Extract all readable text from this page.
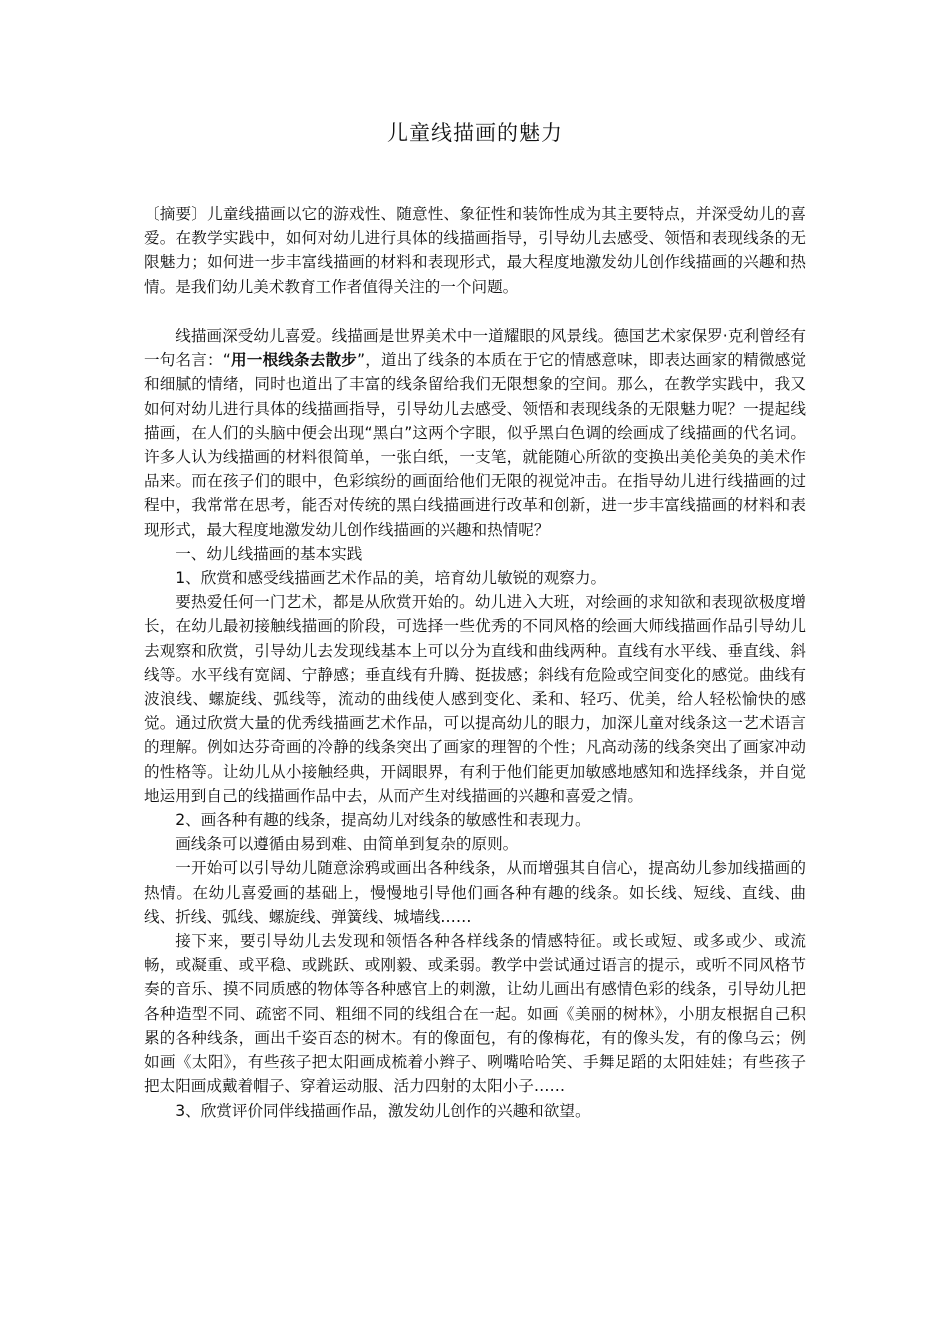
儿童线描画的魅力

〔摘要〕儿童线描画以它的游戏性、随意性、象征性和装饰性成为其主要特点，并深受幼儿的喜爱。在教学实践中，如何对幼儿进行具体的线描画指导，引导幼儿去感受、领悟和表现线条的无限魅力；如何进一步丰富线描画的材料和表现形式，最大程度地激发幼儿创作线描画的兴趣和热情。是我们幼儿美术教育工作者值得关注的一个问题。

线描画深受幼儿喜爱。线描画是世界美术中一道耀眼的风景线。德国艺术家保罗·克利曾经有一句名言：“用一根线条去散步”，道出了线条的本质在于它的情感意味，即表达画家的精微感觉和细腻的情绪，同时也道出了丰富的线条留给我们无限想象的空间。那么，在教学实践中，我又如何对幼儿进行具体的线描画指导，引导幼儿去感受、领悟和表现线条的无限魅力呢？一提起线描画，在人们的头脑中便会出现“黑白”这两个字眼，似乎黑白色调的绘画成了线描画的代名词。许多人认为线描画的材料很简单，一张白纸，一支笔，就能随心所欲的变换出美伦美奂的美术作品来。而在孩子们的眼中，色彩缤纷的画面给他们无限的视觉冲击。在指导幼儿进行线描画的过程中，我常常在思考，能否对传统的黑白线描画进行改革和创新，进一步丰富线描画的材料和表现形式，最大程度地激发幼儿创作线描画的兴趣和热情呢？

一、幼儿线描画的基本实践

1、欣赏和感受线描画艺术作品的美，培育幼儿敏锐的观察力。

要热爱任何一门艺术，都是从欣赏开始的。幼儿进入大班，对绘画的求知欲和表现欲极度增长，在幼儿最初接触线描画的阶段，可选择一些优秀的不同风格的绘画大师线描画作品引导幼儿去观察和欣赏，引导幼儿去发现线基本上可以分为直线和曲线两种。直线有水平线、垂直线、斜线等。水平线有宽阔、宁静感；垂直线有升腾、挺拔感；斜线有危险或空间变化的感觉。曲线有波浪线、螺旋线、弧线等，流动的曲线使人感到变化、柔和、轻巧、优美，给人轻松愉快的感觉。通过欣赏大量的优秀线描画艺术作品，可以提高幼儿的眼力，加深儿童对线条这一艺术语言的理解。例如达芬奇画的冷静的线条突出了画家的理智的个性；凡高动荡的线条突出了画家冲动的性格等。让幼儿从小接触经典，开阔眼界，有利于他们能更加敏感地感知和选择线条，并自觉地运用到自己的线描画作品中去，从而产生对线描画的兴趣和喜爱之情。

2、画各种有趣的线条，提高幼儿对线条的敏感性和表现力。

画线条可以遵循由易到难、由简单到复杂的原则。

一开始可以引导幼儿随意涂鸦或画出各种线条，从而增强其自信心，提高幼儿参加线描画的热情。在幼儿喜爱画的基础上，慢慢地引导他们画各种有趣的线条。如长线、短线、直线、曲线、折线、弧线、螺旋线、弹簧线、城墙线……

接下来，要引导幼儿去发现和领悟各种各样线条的情感特征。或长或短、或多或少、或流畅，或凝重、或平稳、或跳跃、或刚毅、或柔弱。教学中尝试通过语言的提示，或听不同风格节奏的音乐、摸不同质感的物体等各种感官上的刺激，让幼儿画出有感情色彩的线条，引导幼儿把各种造型不同、疏密不同、粗细不同的线组合在一起。如画《美丽的树林》，小朋友根据自己积累的各种线条，画出千姿百态的树木。有的像面包，有的像梅花，有的像头发，有的像乌云；例如画《太阳》，有些孩子把太阳画成梳着小辫子、咧嘴哈哈笑、手舞足蹈的太阳娃娃；有些孩子把太阳画成戴着帽子、穿着运动服、活力四射的太阳小子……

3、欣赏评价同伴线描画作品，激发幼儿创作的兴趣和欲望。
